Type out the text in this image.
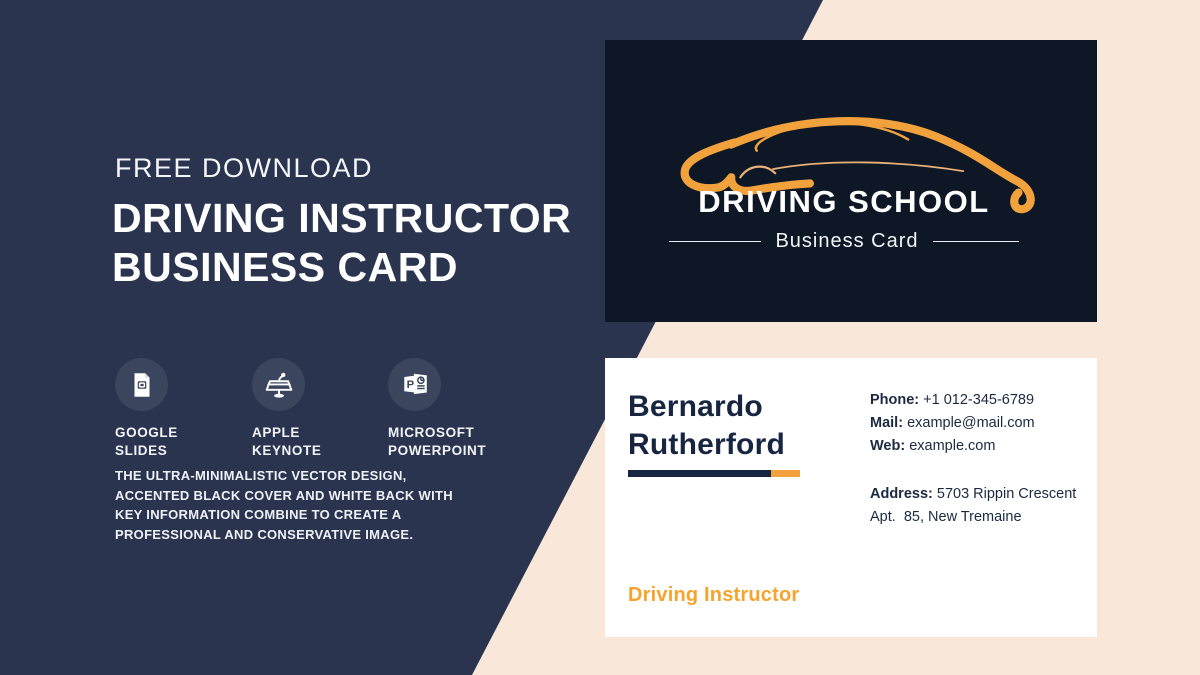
FREE DOWNLOAD
DRIVING INSTRUCTOR
BUSINESS CARD
GOOGLE
SLIDES
APPLE
KEYNOTE
P
MICROSOFT
POWERPOINT

THE ULTRA-MINIMALISTIC VECTOR DESIGN, ACCENTED BLACK COVER AND WHITE BACK WITH KEY INFORMATION COMBINE TO CREATE A PROFESSIONAL AND CONSERVATIVE IMAGE.

DRIVING SCHOOL
Business Card
Bernardo
Rutherford

Phone: +1 012-345-6789

Mail: example@mail.com

Web: example.com

Address: 5703 Rippin Crescent
Apt.  85, New Tremaine

Driving Instructor
